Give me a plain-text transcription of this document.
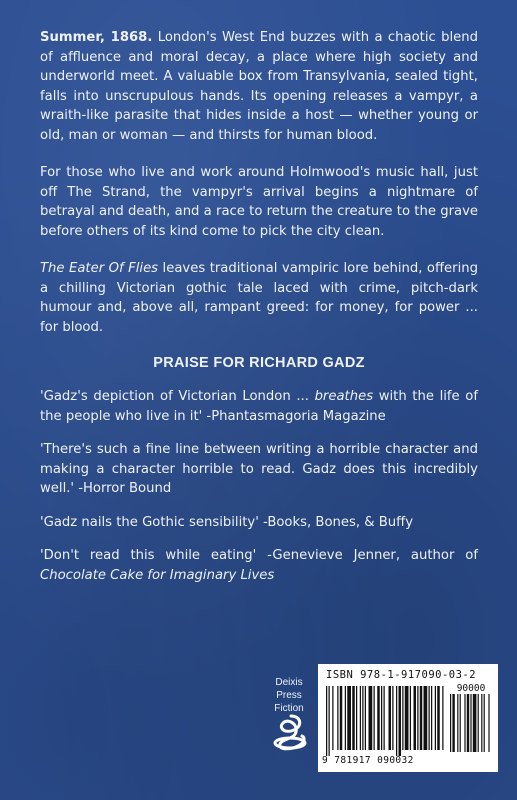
Summer, 1868. London's West End buzzes with a chaotic blend of affluence and moral decay, a place where high society and underworld meet. A valuable box from Transylvania, sealed tight, falls into unscrupulous hands. Its opening releases a vampyr, a wraith-like parasite that hides inside a host — whether young or old, man or woman — and thirsts for human blood.

For those who live and work around Holmwood's music hall, just off The Strand, the vampyr's arrival begins a nightmare of betrayal and death, and a race to return the creature to the grave before others of its kind come to pick the city clean.

The Eater Of Flies leaves traditional vampiric lore behind, offering a chilling Victorian gothic tale laced with crime, pitch-dark humour and, above all, rampant greed: for money, for power ... for blood.

PRAISE FOR RICHARD GADZ

'Gadz's depiction of Victorian London ... breathes with the life of the people who live in it' -Phantasmagoria Magazine

'There's such a fine line between writing a horrible character and making a character horrible to read. Gadz does this incredibly well.' -Horror Bound

'Gadz nails the Gothic sensibility' -Books, Bones, & Buffy

'Don't read this while eating' -Genevieve Jenner, author of Chocolate Cake for Imaginary Lives

Deixis Press
Fiction
ISBN 978-1-917090-03-2
90000
9 781917 090032
